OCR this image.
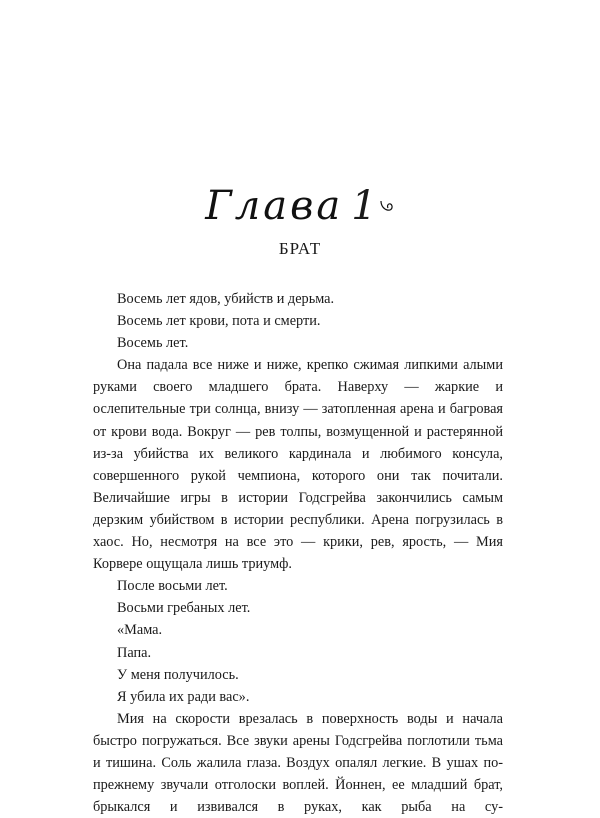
Глава 1
БРАТ

Восемь лет ядов, убийств и дерьма.

Восемь лет крови, пота и смерти.

Восемь лет.

Она падала все ниже и ниже, крепко сжимая липкими алыми руками своего младшего брата. Наверху — жаркие и ослепительные три солнца, внизу — затопленная арена и багровая от крови вода. Вокруг — рев толпы, возмущенной и растерянной из-за убийства их великого кардинала и любимого консула, совершенного рукой чемпиона, которого они так почитали. Величайшие игры в истории Годсгрейва закончились самым дерзким убийством в истории республики. Арена погрузилась в хаос. Но, несмотря на все это — крики, рев, ярость, — Мия Корвере ощущала лишь триумф.

После восьми лет.

Восьми гребаных лет.

«Мама.

Папа.

У меня получилось.

Я убила их ради вас».

Мия на скорости врезалась в поверхность воды и начала быстро погружаться. Все звуки арены Годсгрейва поглотили тьма и тишина. Соль жалила глаза. Воздух опалял легкие. В ушах по-прежнему звучали отголоски воплей. Йоннен, ее младший брат, брыкался и извивался в руках, как рыба на су-
